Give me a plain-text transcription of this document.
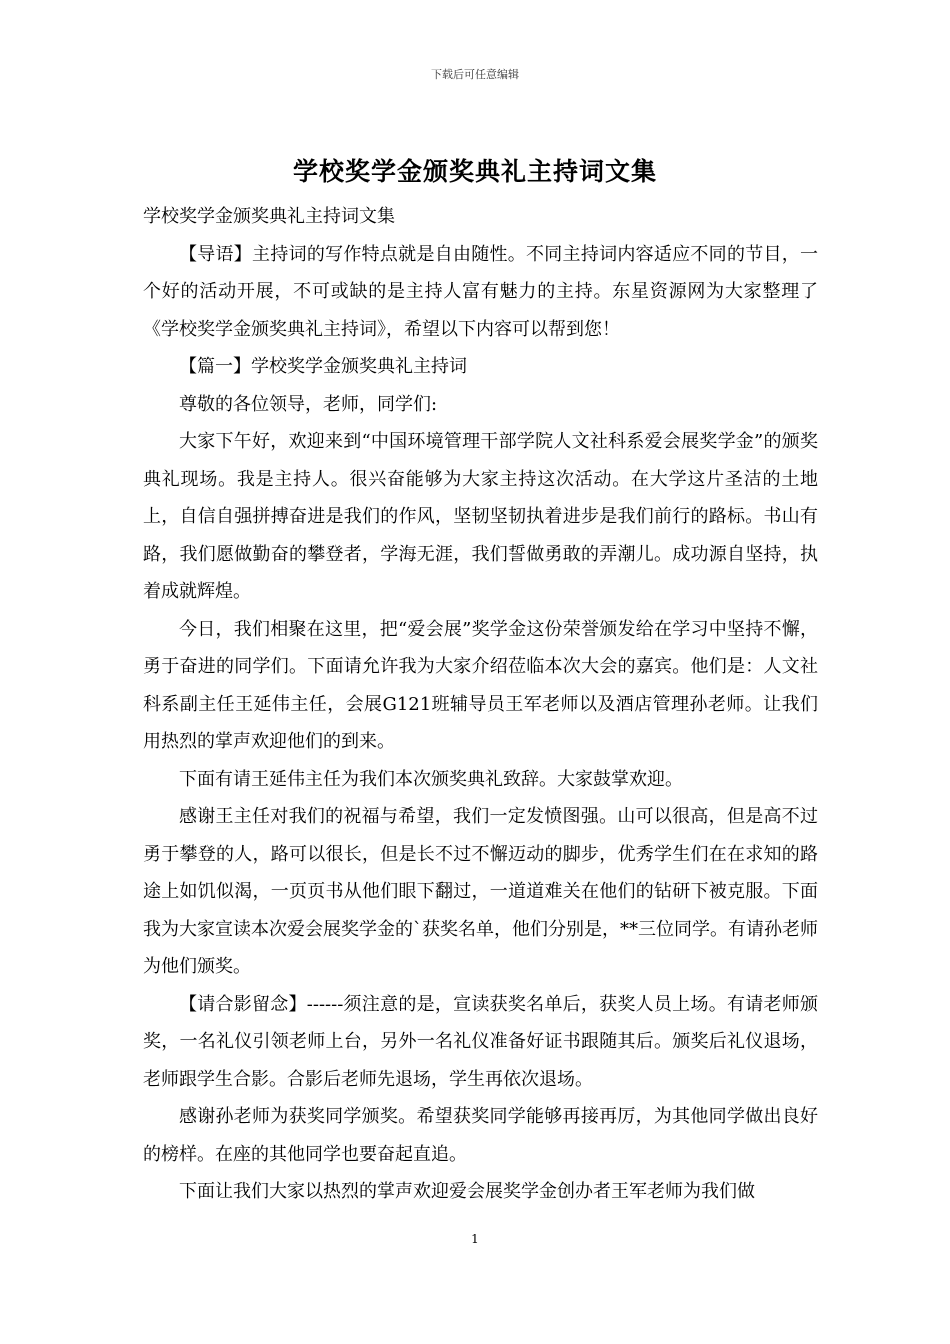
下载后可任意编辑
学校奖学金颁奖典礼主持词文集

学校奖学金颁奖典礼主持词文集

【导语】主持词的写作特点就是自由随性。不同主持词内容适应不同的节目，一个好的活动开展，不可或缺的是主持人富有魅力的主持。东星资源网为大家整理了《学校奖学金颁奖典礼主持词》，希望以下内容可以帮到您！

【篇一】学校奖学金颁奖典礼主持词

尊敬的各位领导，老师，同学们:

大家下午好，欢迎来到“中国环境管理干部学院人文社科系爱会展奖学金”的颁奖典礼现场。我是主持人。很兴奋能够为大家主持这次活动。在大学这片圣洁的土地上，自信自强拼搏奋进是我们的作风，坚韧坚韧执着进步是我们前行的路标。书山有路，我们愿做勤奋的攀登者，学海无涯，我们誓做勇敢的弄潮儿。成功源自坚持，执着成就辉煌。

今日，我们相聚在这里，把“爱会展”奖学金这份荣誉颁发给在学习中坚持不懈，勇于奋进的同学们。下面请允许我为大家介绍莅临本次大会的嘉宾。他们是：人文社科系副主任王延伟主任，会展G121班辅导员王军老师以及酒店管理孙老师。让我们用热烈的掌声欢迎他们的到来。

下面有请王延伟主任为我们本次颁奖典礼致辞。大家鼓掌欢迎。

感谢王主任对我们的祝福与希望，我们一定发愤图强。山可以很高，但是高不过勇于攀登的人，路可以很长，但是长不过不懈迈动的脚步，优秀学生们在在求知的路途上如饥似渴，一页页书从他们眼下翻过，一道道难关在他们的钻研下被克服。下面我为大家宣读本次爱会展奖学金的`获奖名单，他们分别是，**三位同学。有请孙老师为他们颁奖。

【请合影留念】------须注意的是，宣读获奖名单后，获奖人员上场。有请老师颁奖，一名礼仪引领老师上台，另外一名礼仪准备好证书跟随其后。颁奖后礼仪退场，老师跟学生合影。合影后老师先退场，学生再依次退场。

感谢孙老师为获奖同学颁奖。希望获奖同学能够再接再厉，为其他同学做出良好的榜样。在座的其他同学也要奋起直追。

下面让我们大家以热烈的掌声欢迎爱会展奖学金创办者王军老师为我们做

1
